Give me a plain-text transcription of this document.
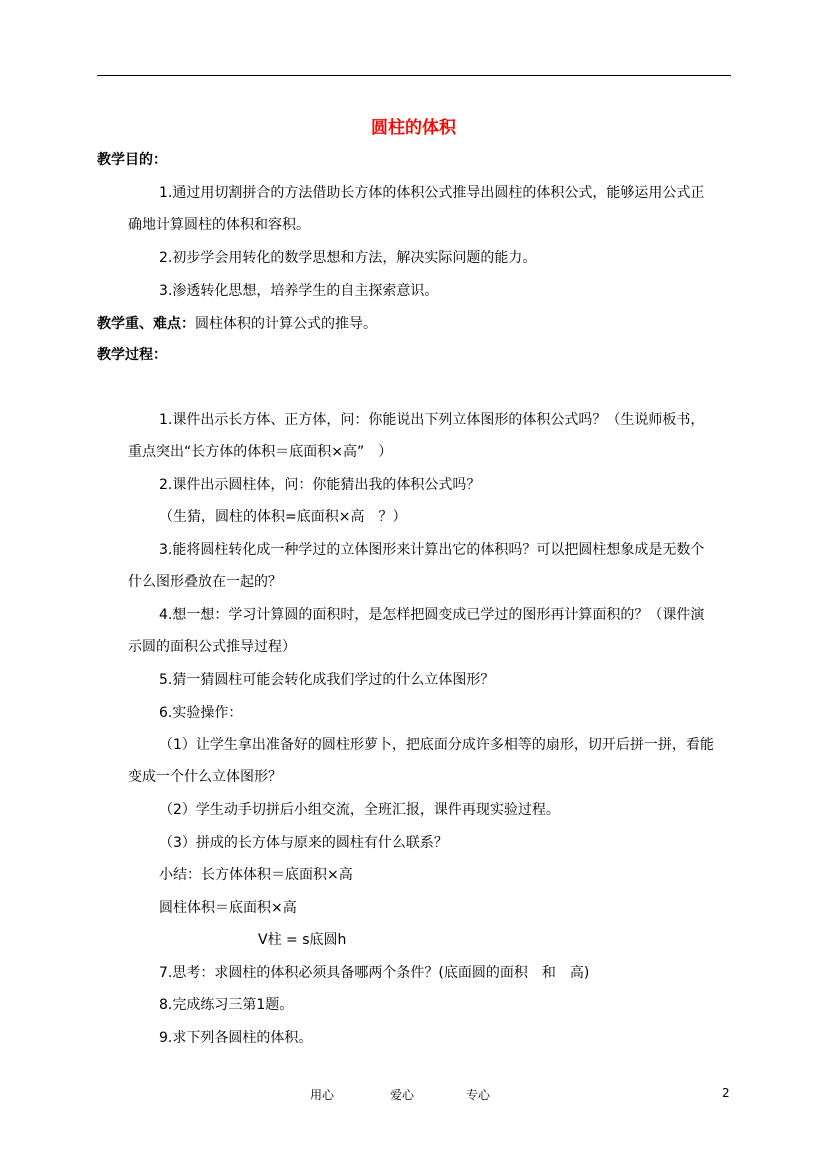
圆柱的体积
教学目的：
1.通过用切割拼合的方法借助长方体的体积公式推导出圆柱的体积公式，能够运用公式正
确地计算圆柱的体积和容积。
2.初步学会用转化的数学思想和方法，解决实际问题的能力。
3.渗透转化思想，培养学生的自主探索意识。
教学重、难点：圆柱体积的计算公式的推导。
教学过程：
1.课件出示长方体、正方体，问：你能说出下列立体图形的体积公式吗？（生说师板书，
重点突出“长方体的体积＝底面积×高”　）
2.课件出示圆柱体，问：你能猜出我的体积公式吗？
（生猜，圆柱的体积=底面积×高　？）
3.能将圆柱转化成一种学过的立体图形来计算出它的体积吗？可以把圆柱想象成是无数个
什么图形叠放在一起的？
4.想一想：学习计算圆的面积时，是怎样把圆变成已学过的图形再计算面积的？（课件演
示圆的面积公式推导过程）
5.猜一猜圆柱可能会转化成我们学过的什么立体图形？
6.实验操作：
（1）让学生拿出准备好的圆柱形萝卜，把底面分成许多相等的扇形，切开后拼一拼，看能
变成一个什么立体图形？
（2）学生动手切拼后小组交流，全班汇报，课件再现实验过程。
（3）拼成的长方体与原来的圆柱有什么联系？
小结：长方体体积＝底面积×高
圆柱体积＝底面积×高
V柱 = s底圆h
7.思考：求圆柱的体积必须具备哪两个条件？(底面圆的面积　和　高)
8.完成练习三第1题。
9.求下列各圆柱的体积。
用心	爱心	专心	2
